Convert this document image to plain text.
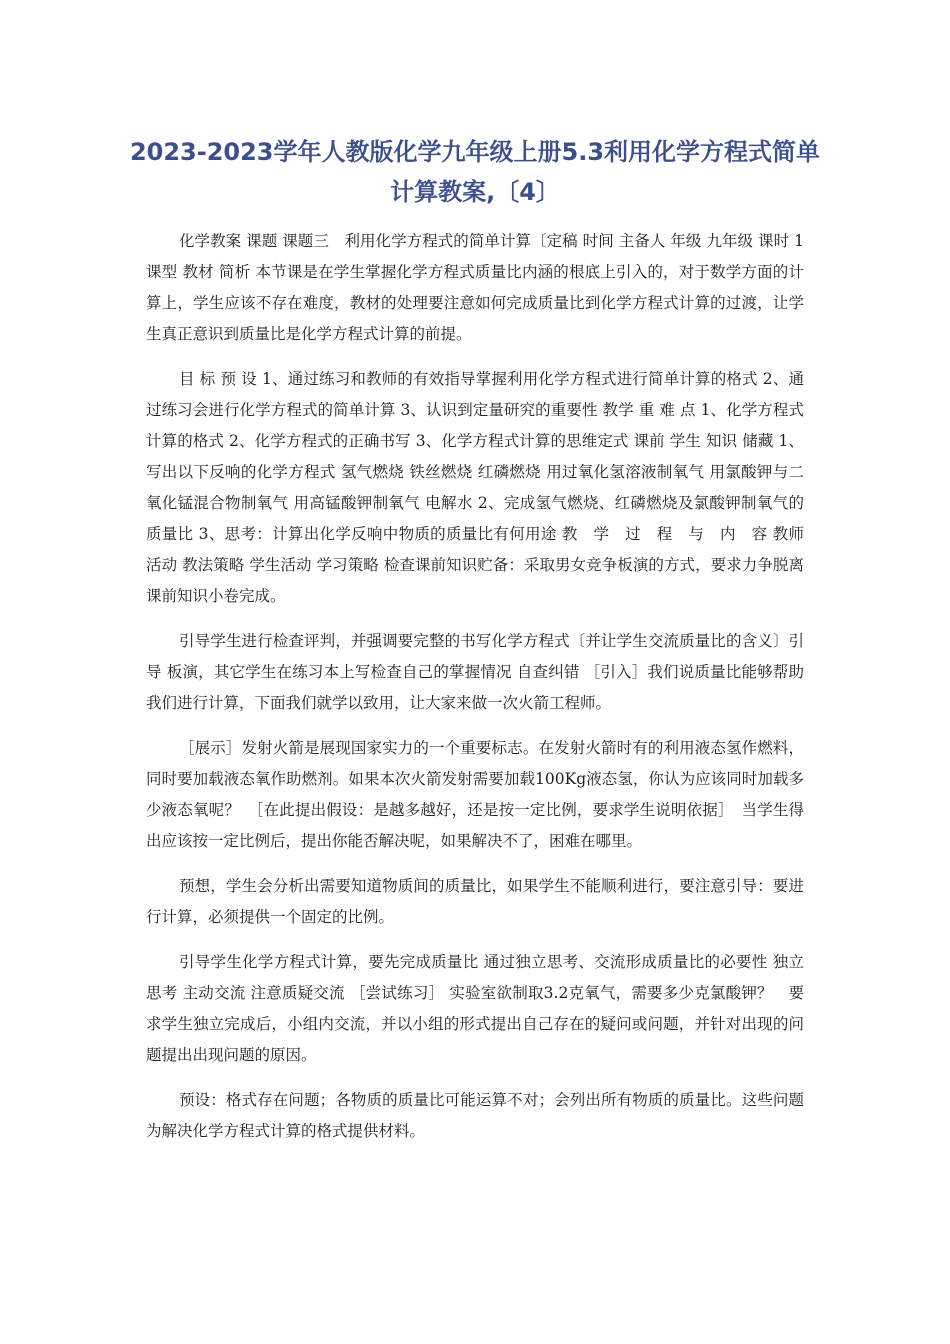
2023-2023学年人教版化学九年级上册5.3利用化学方程式简单计算教案,〔4〕

化学教案 课题 课题三　利用化学方程式的简单计算〔定稿 时间 主备人 年级 九年级 课时 1 课型 教材 简析 本节课是在学生掌握化学方程式质量比内涵的根底上引入的，对于数学方面的计算上，学生应该不存在难度，教材的处理要注意如何完成质量比到化学方程式计算的过渡，让学生真正意识到质量比是化学方程式计算的前提。

目 标 预 设 1、通过练习和教师的有效指导掌握利用化学方程式进行简单计算的格式 2、通过练习会进行化学方程式的简单计算 3、认识到定量研究的重要性 教学 重 难 点 1、化学方程式计算的格式 2、化学方程式的正确书写 3、化学方程式计算的思维定式 课前 学生 知识 储藏 1、写出以下反响的化学方程式 氢气燃烧 铁丝燃烧 红磷燃烧 用过氧化氢溶液制氧气 用氯酸钾与二氧化锰混合物制氧气 用高锰酸钾制氧气 电解水 2、完成氢气燃烧、红磷燃烧及氯酸钾制氧气的质量比 3、思考：计算出化学反响中物质的质量比有何用途 教　学　过　程　与　内　容 教师活动 教法策略 学生活动 学习策略 检查课前知识贮备：采取男女竞争板演的方式，要求力争脱离课前知识小卷完成。

引导学生进行检查评判，并强调要完整的书写化学方程式〔并让学生交流质量比的含义〕引导 板演，其它学生在练习本上写检查自己的掌握情况 自查纠错 ［引入］我们说质量比能够帮助我们进行计算，下面我们就学以致用，让大家来做一次火箭工程师。

［展示］发射火箭是展现国家实力的一个重要标志。在发射火箭时有的利用液态氢作燃料，同时要加载液态氧作助燃剂。如果本次火箭发射需要加载100Kg液态氢，你认为应该同时加载多少液态氧呢？　［在此提出假设：是越多越好，还是按一定比例，要求学生说明依据］　当学生得出应该按一定比例后，提出你能否解决呢，如果解决不了，困难在哪里。

预想，学生会分析出需要知道物质间的质量比，如果学生不能顺利进行，要注意引导：要进行计算，必须提供一个固定的比例。

引导学生化学方程式计算，要先完成质量比 通过独立思考、交流形成质量比的必要性 独立思考 主动交流 注意质疑交流 ［尝试练习］ 实验室欲制取3.2克氧气，需要多少克氯酸钾？　要求学生独立完成后，小组内交流，并以小组的形式提出自己存在的疑问或问题，并针对出现的问题提出出现问题的原因。

预设：格式存在问题；各物质的质量比可能运算不对；会列出所有物质的质量比。这些问题为解决化学方程式计算的格式提供材料。
